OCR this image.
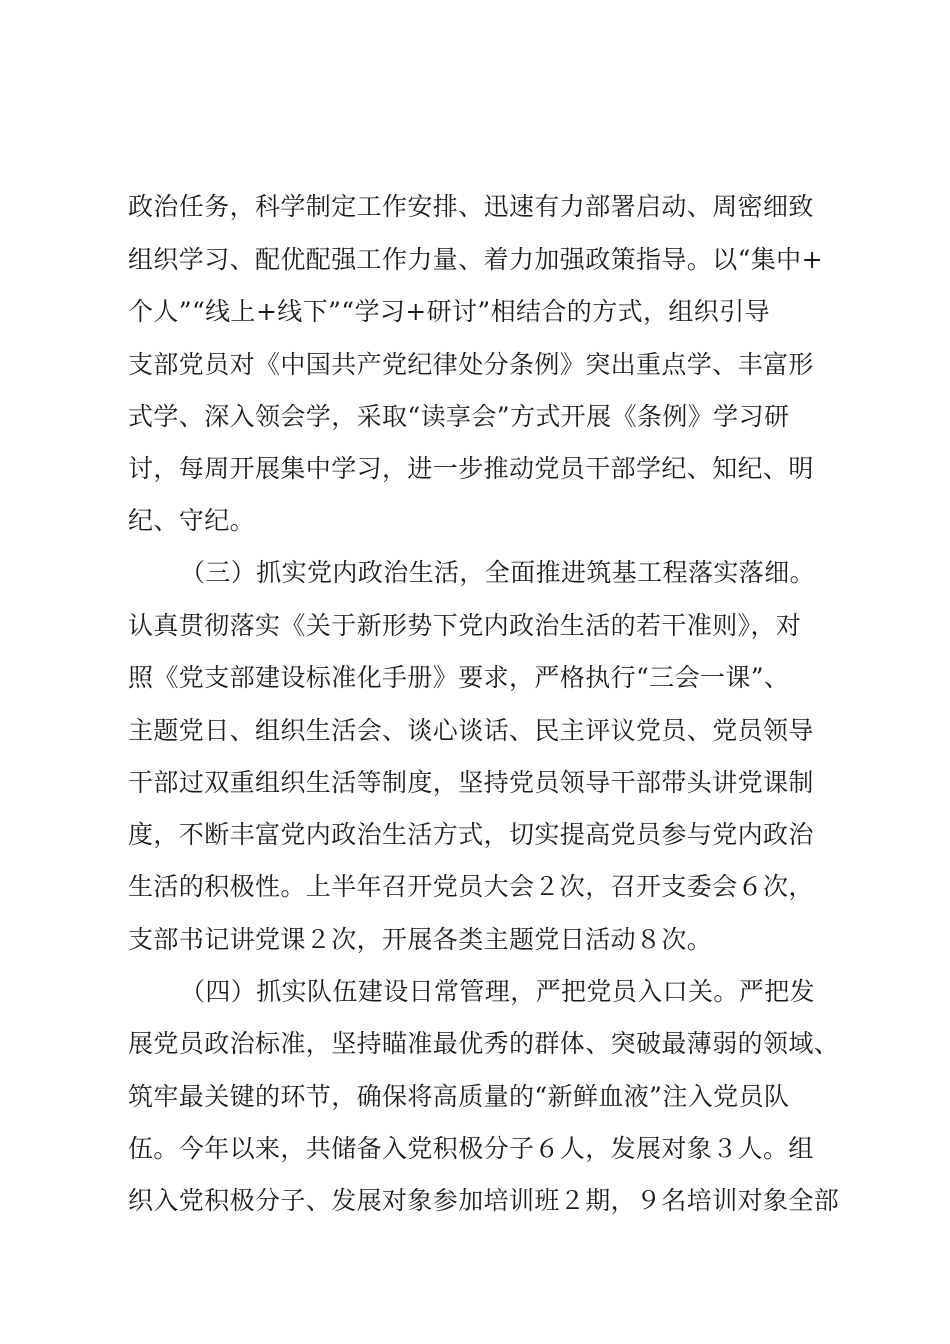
政治任务，科学制定工作安排、迅速有力部署启动、周密细致
组织学习、配优配强工作力量、着力加强政策指导。以“集中+
个人”“线上+线下”“学习+研讨”相结合的方式，组织引导
支部党员对《中国共产党纪律处分条例》突出重点学、丰富形
式学、深入领会学，采取“读享会”方式开展《条例》学习研
讨，每周开展集中学习，进一步推动党员干部学纪、知纪、明
纪、守纪。
（三）抓实党内政治生活，全面推进筑基工程落实落细。
认真贯彻落实《关于新形势下党内政治生活的若干准则》，对
照《党支部建设标准化手册》要求，严格执行“三会一课”、
主题党日、组织生活会、谈心谈话、民主评议党员、党员领导
干部过双重组织生活等制度，坚持党员领导干部带头讲党课制
度，不断丰富党内政治生活方式，切实提高党员参与党内政治
生活的积极性。上半年召开党员大会２次，召开支委会６次，
支部书记讲党课２次，开展各类主题党日活动８次。
（四）抓实队伍建设日常管理，严把党员入口关。严把发
展党员政治标准，坚持瞄准最优秀的群体、突破最薄弱的领域、
筑牢最关键的环节，确保将高质量的“新鲜血液”注入党员队
伍。今年以来，共储备入党积极分子６人，发展对象３人。组
织入党积极分子、发展对象参加培训班２期，９名培训对象全部
